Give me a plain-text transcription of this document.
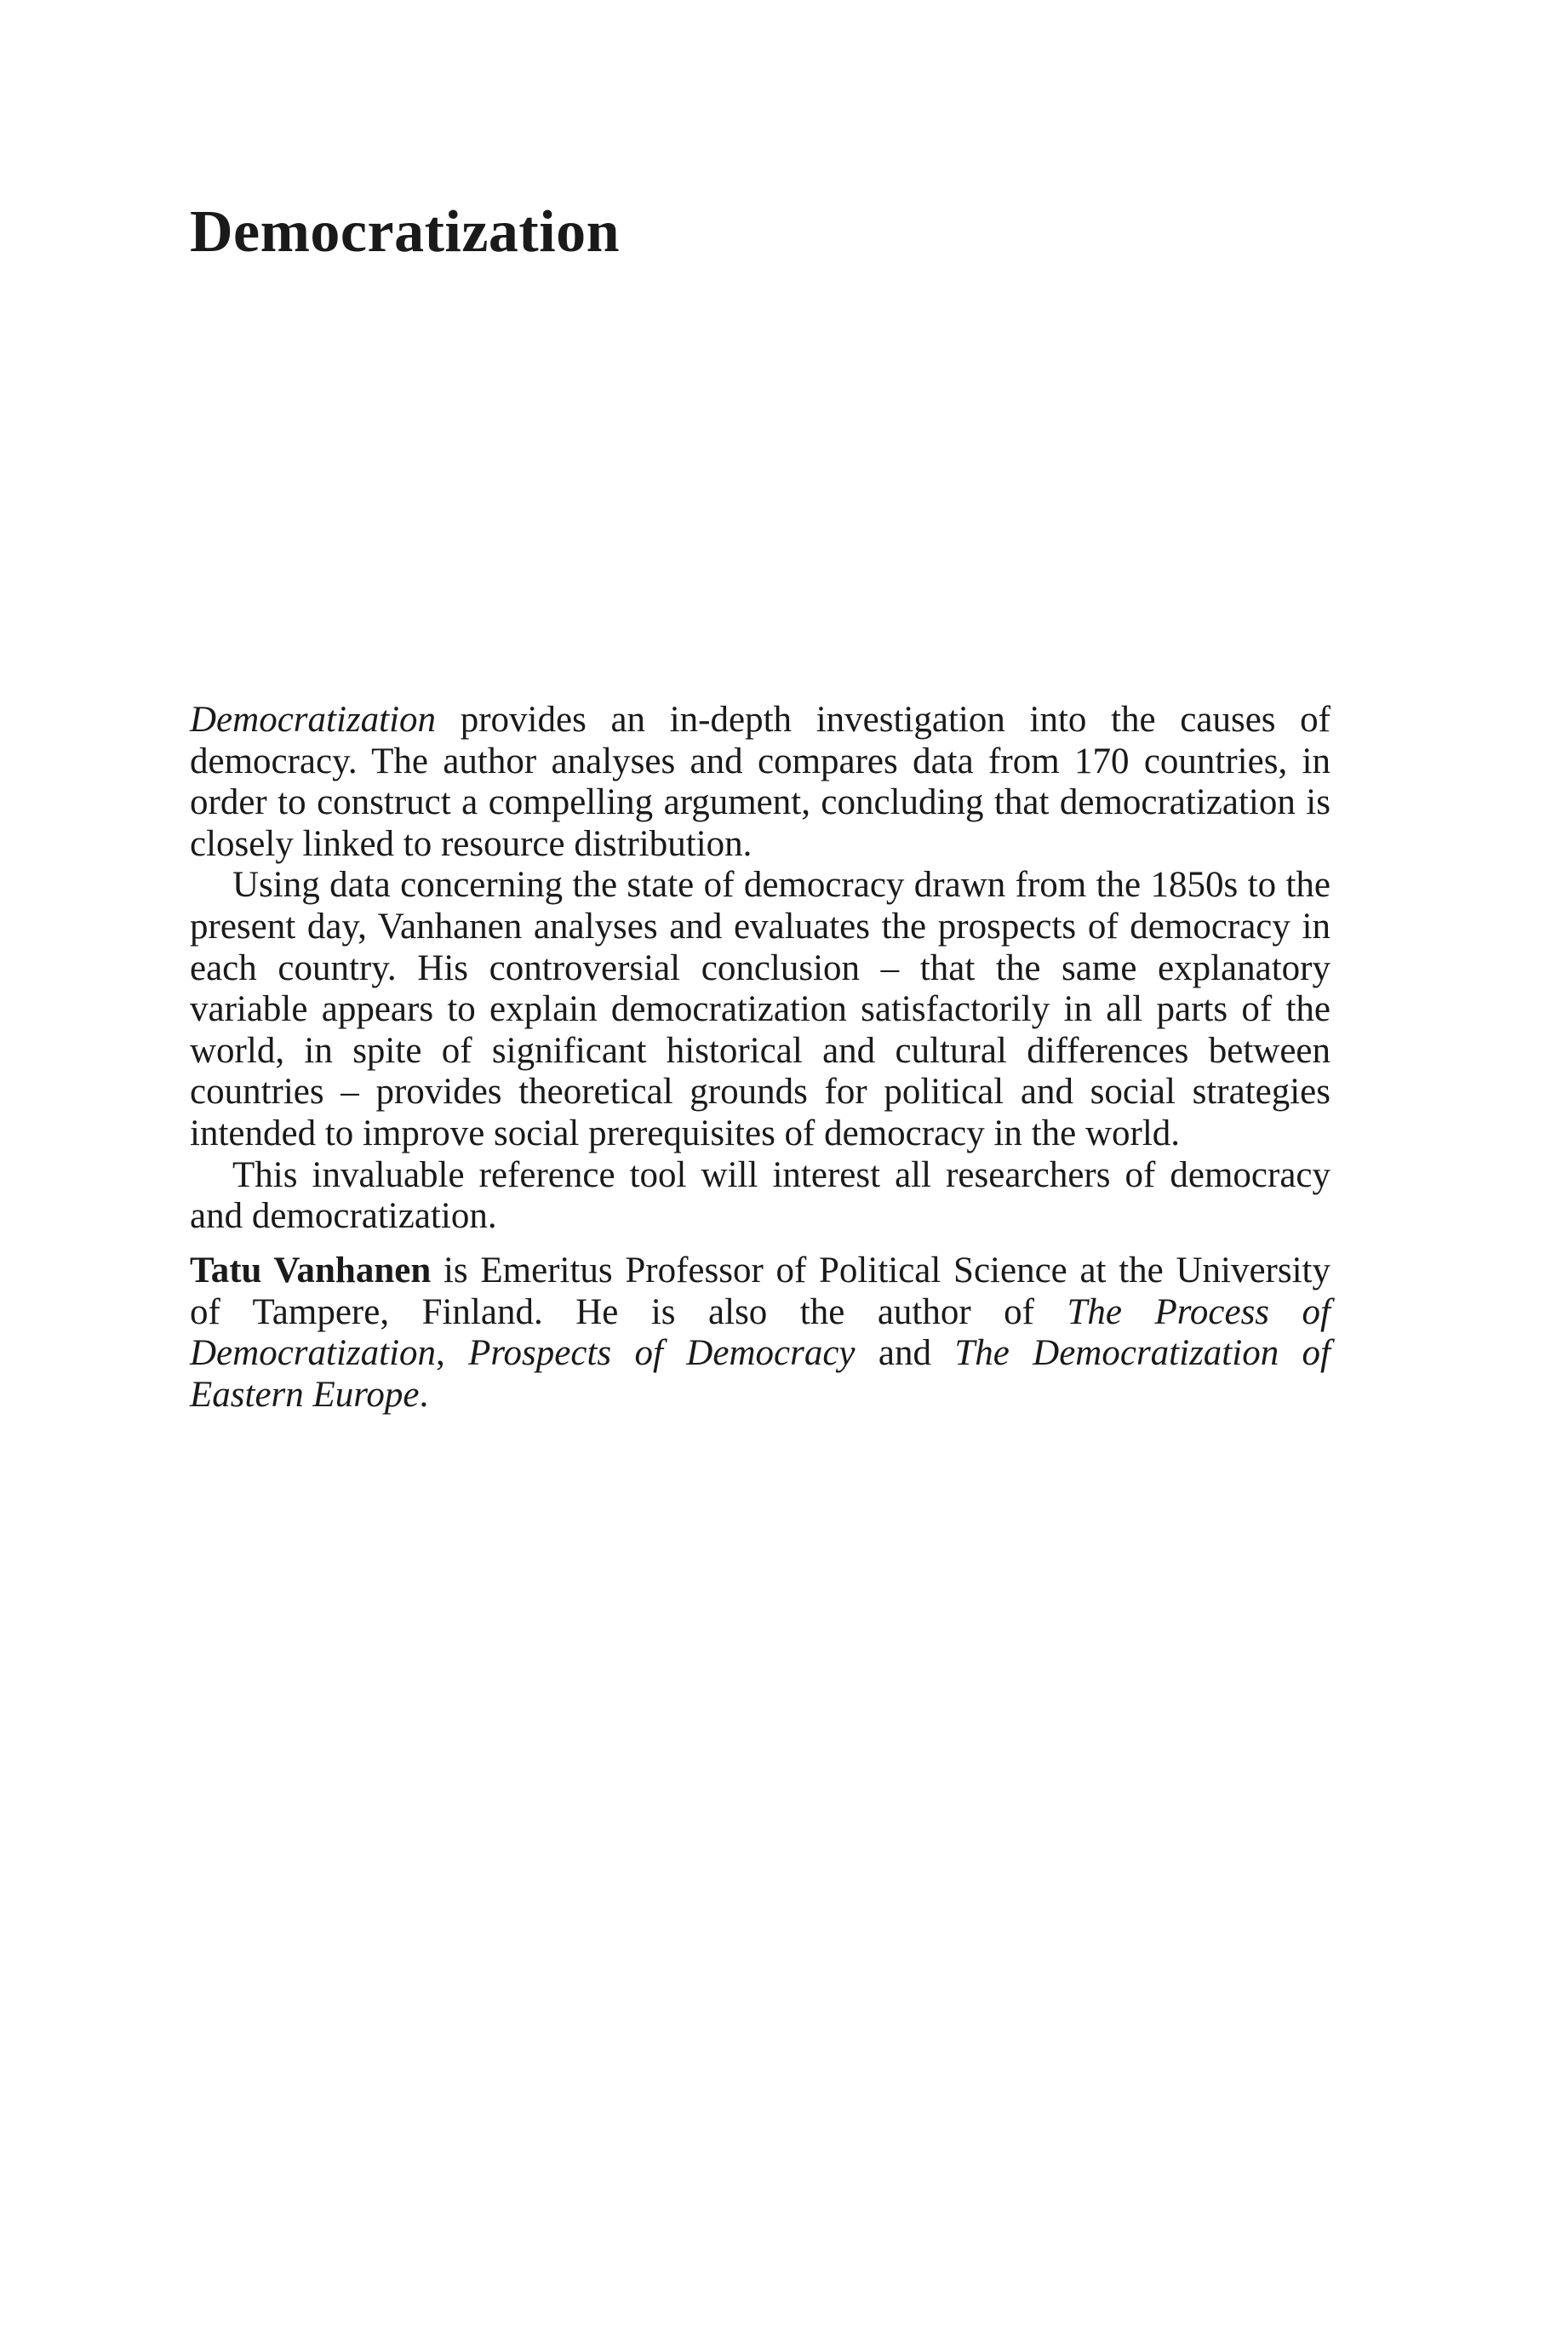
Democratization

Democratization provides an in-depth investigation into the causes of democracy. The author analyses and compares data from 170 countries, in order to construct a compelling argument, concluding that democratization is closely linked to resource distribution.

Using data concerning the state of democracy drawn from the 1850s to the present day, Vanhanen analyses and evaluates the prospects of democracy in each country. His controversial conclusion – that the same explanatory variable appears to explain democratization satisfactorily in all parts of the world, in spite of significant historical and cultural differences between countries – provides theoretical grounds for political and social strategies intended to improve social prerequisites of democracy in the world.

This invaluable reference tool will interest all researchers of democracy and democratization.

Tatu Vanhanen is Emeritus Professor of Political Science at the University of Tampere, Finland. He is also the author of The Process of Democratization, Prospects of Democracy and The Democratization of Eastern Europe.
